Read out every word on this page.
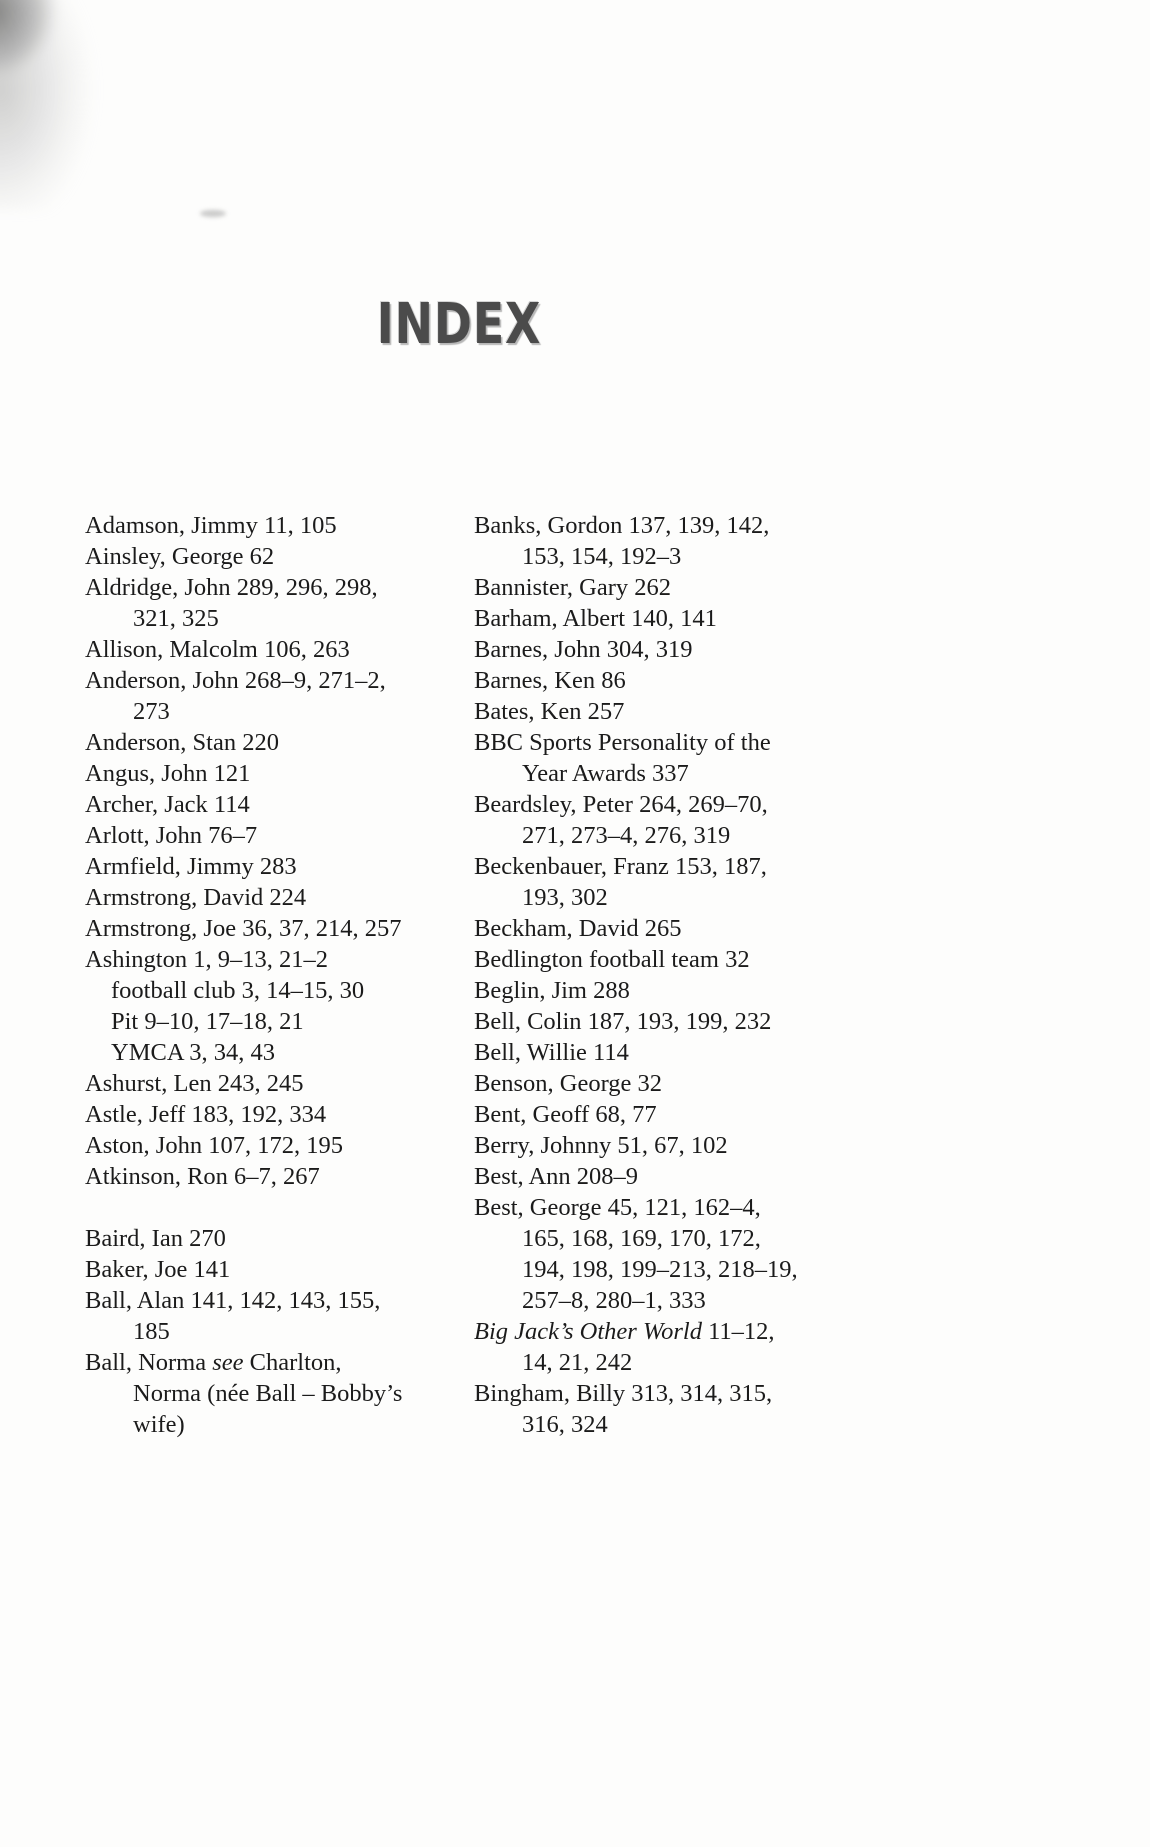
INDEX
Adamson, Jimmy 11, 105
Ainsley, George 62
Aldridge, John 289, 296, 298,
321, 325
Allison, Malcolm 106, 263
Anderson, John 268–9, 271–2,
273
Anderson, Stan 220
Angus, John 121
Archer, Jack 114
Arlott, John 76–7
Armfield, Jimmy 283
Armstrong, David 224
Armstrong, Joe 36, 37, 214, 257
Ashington 1, 9–13, 21–2
football club 3, 14–15, 30
Pit 9–10, 17–18, 21
YMCA 3, 34, 43
Ashurst, Len 243, 245
Astle, Jeff 183, 192, 334
Aston, John 107, 172, 195
Atkinson, Ron 6–7, 267
Baird, Ian 270
Baker, Joe 141
Ball, Alan 141, 142, 143, 155,
185
Ball, Norma see Charlton,
Norma (née Ball – Bobby’s
wife)
Banks, Gordon 137, 139, 142,
153, 154, 192–3
Bannister, Gary 262
Barham, Albert 140, 141
Barnes, John 304, 319
Barnes, Ken 86
Bates, Ken 257
BBC Sports Personality of the
Year Awards 337
Beardsley, Peter 264, 269–70,
271, 273–4, 276, 319
Beckenbauer, Franz 153, 187,
193, 302
Beckham, David 265
Bedlington football team 32
Beglin, Jim 288
Bell, Colin 187, 193, 199, 232
Bell, Willie 114
Benson, George 32
Bent, Geoff 68, 77
Berry, Johnny 51, 67, 102
Best, Ann 208–9
Best, George 45, 121, 162–4,
165, 168, 169, 170, 172,
194, 198, 199–213, 218–19,
257–8, 280–1, 333
Big Jack’s Other World 11–12,
14, 21, 242
Bingham, Billy 313, 314, 315,
316, 324
